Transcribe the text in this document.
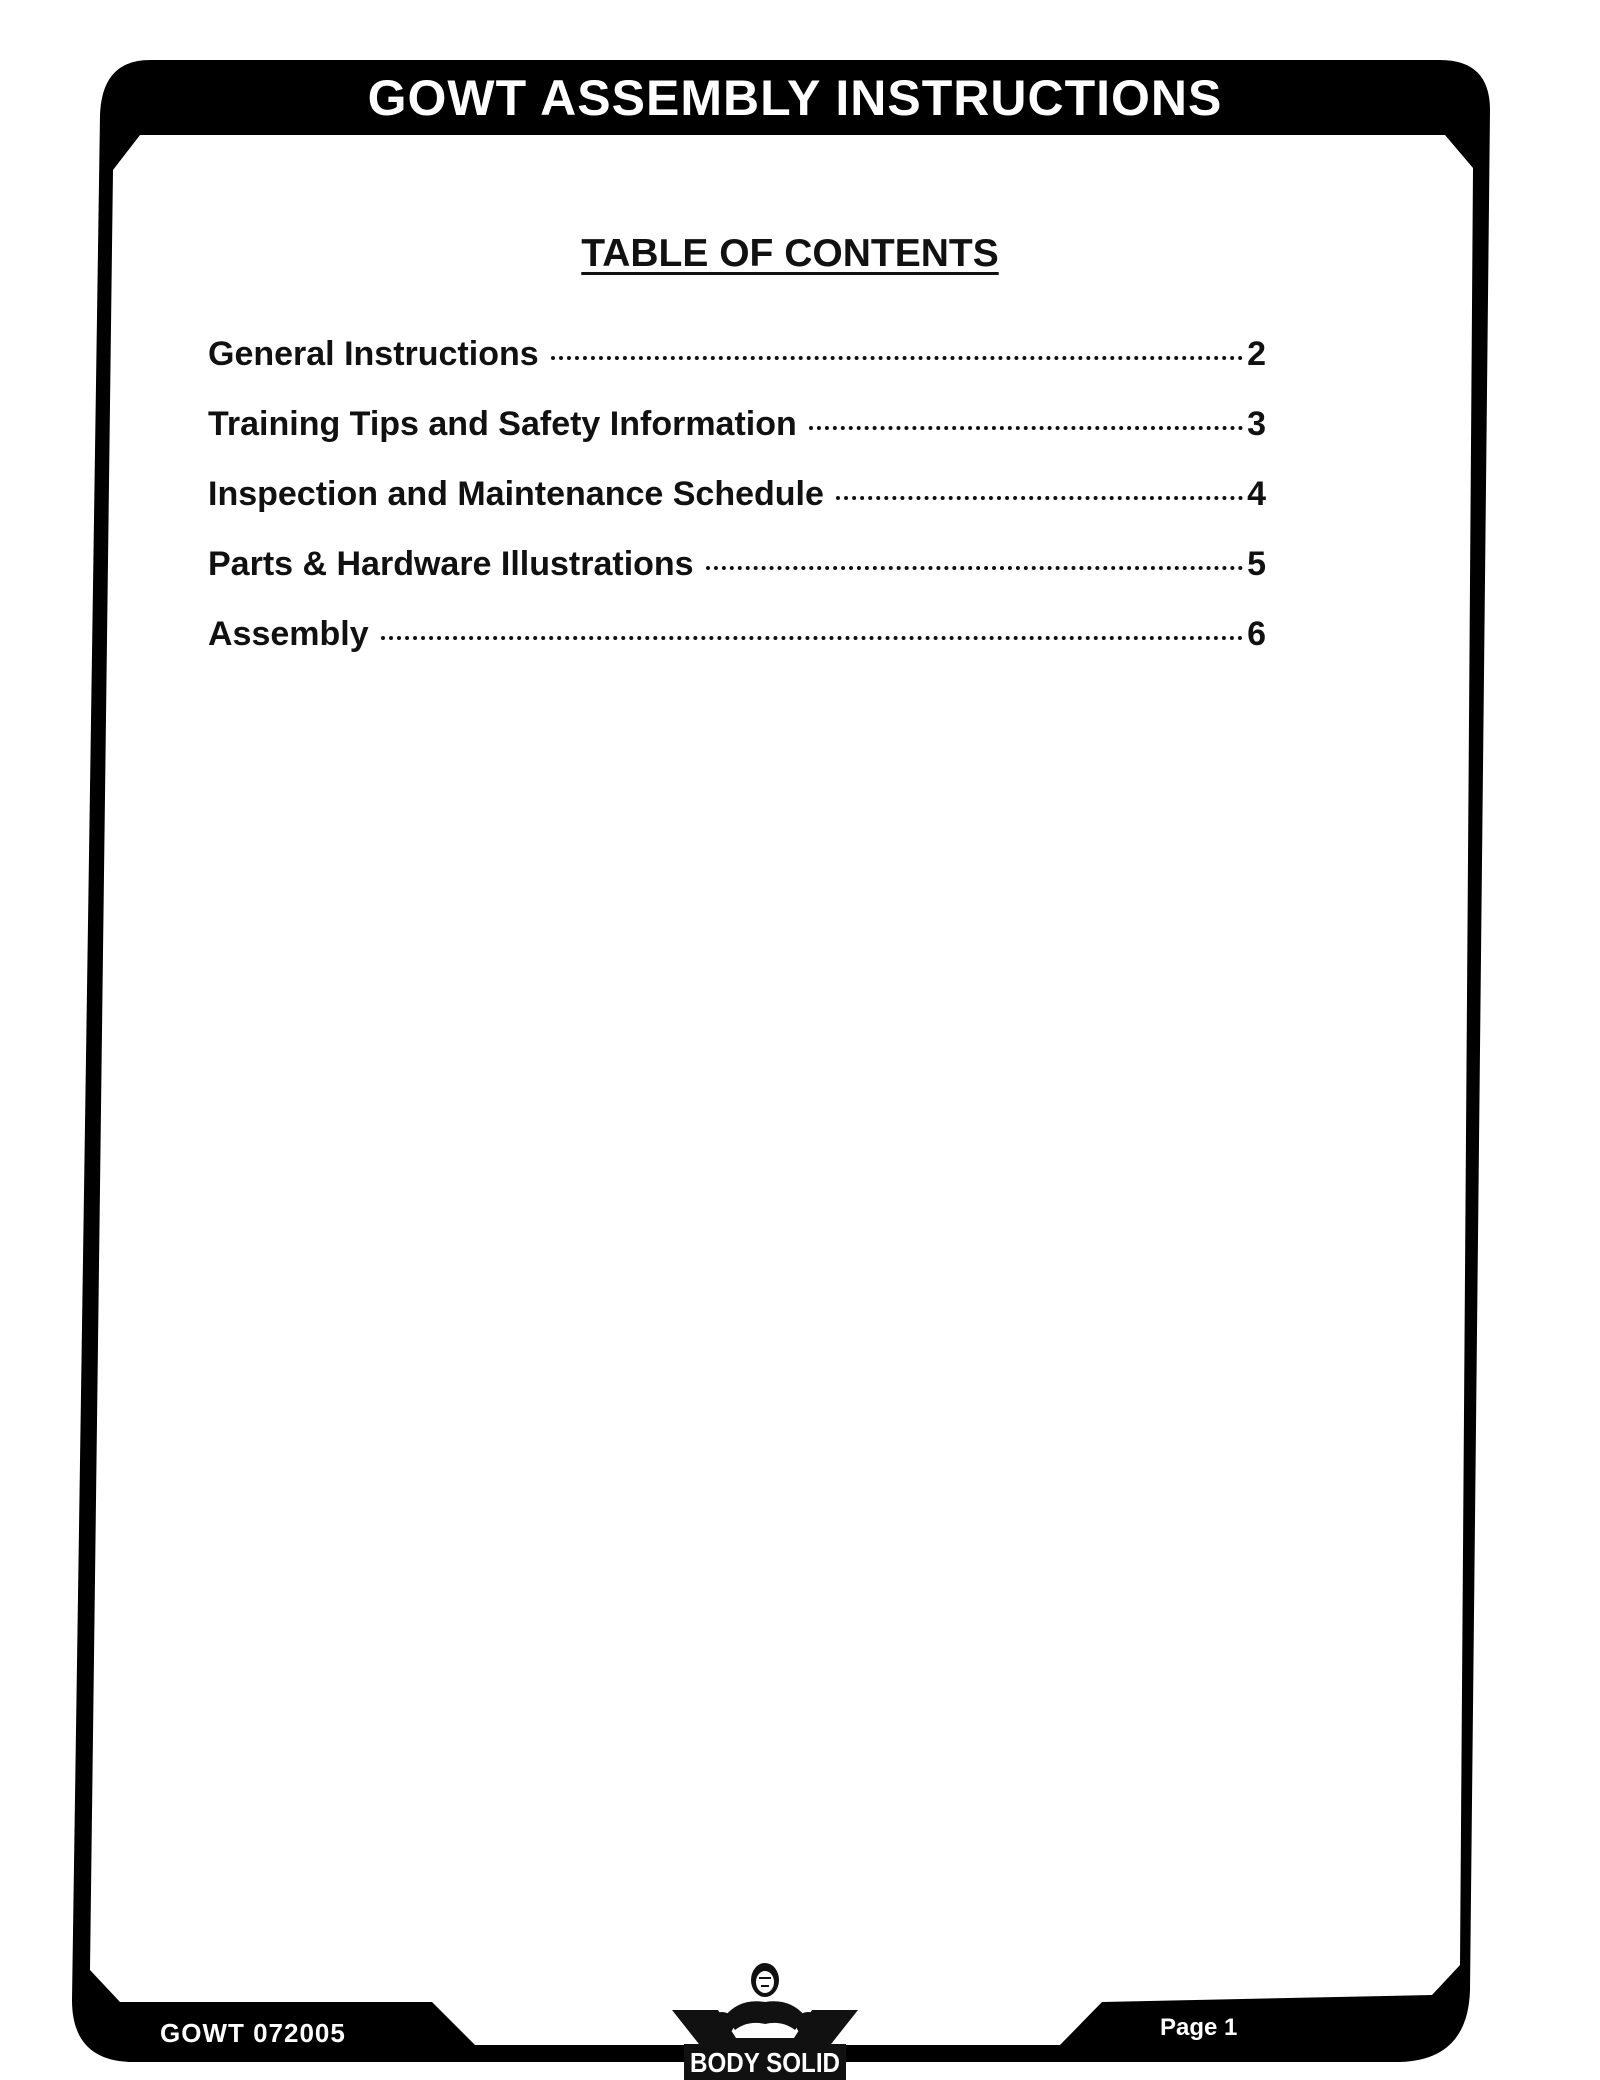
GOWT ASSEMBLY INSTRUCTIONS
TABLE OF CONTENTS
General Instructions	2
Training Tips and Safety Information	3
Inspection and Maintenance Schedule	4
Parts & Hardware Illustrations	5
Assembly	6
GOWT 072005	Page 1
BODY SOLID
